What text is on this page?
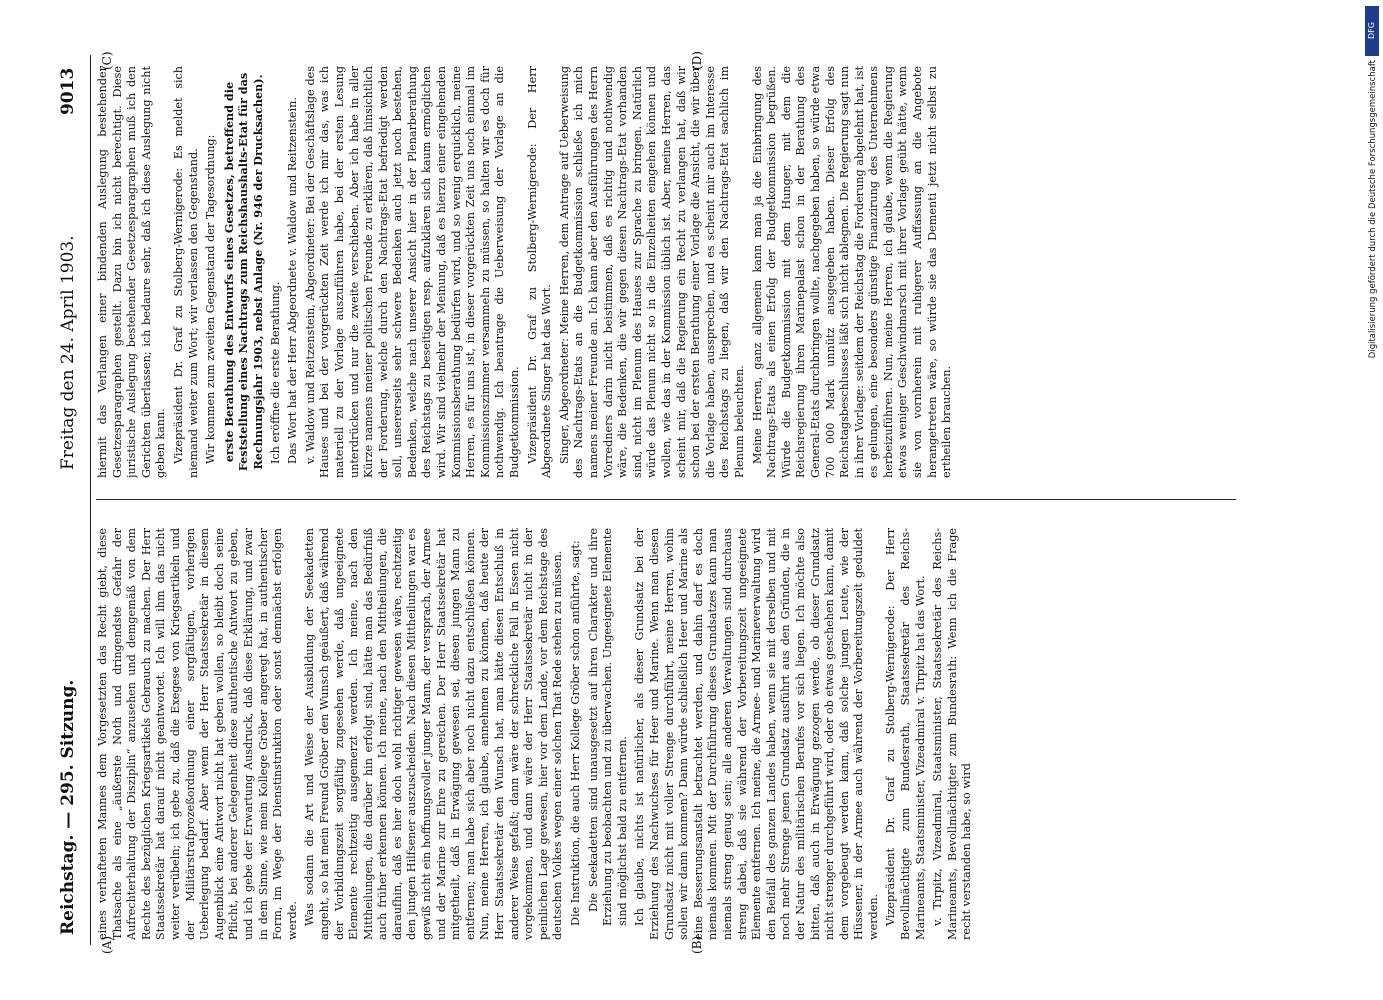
Reichstag. — 295. Sitzung.
Freitag den 24. April 1903.
9013
(A)	(B)
(C)	(D)

eines verhafteten Mannes dem Vorgesetzten das Recht giebt, diese Thatsache als eine „äußerste Noth und dringendste Gefahr der Aufrechterhaltung der Disziplin“ anzusehen und demgemäß von dem Rechte des bezüglichen Kriegsartikels Gebrauch zu machen. Der Herr Staatssekretär hat darauf nicht geantwortet. Ich will ihm das nicht weiter verübeln; ich gebe zu, daß die Exegese von Kriegsartikeln und der Militärstrafprozeßordnung einer sorgfältigen, vorherigen Ueberlegung bedarf. Aber wenn der Herr Staatssekretär in diesem Augenblick eine Antwort nicht hat geben wollen, so bleibt doch seine Pflicht, bei anderer Gelegenheit diese authentische Antwort zu geben, und ich gebe der Erwartung Ausdruck, daß diese Erklärung, und zwar in dem Sinne, wie mein Kollege Gröber angeregt hat, in authentischer Form, im Wege der Dienstinstruktion oder sonst demnächst erfolgen werde. Was sodann die Art und Weise der Ausbildung der Seekadetten angeht, so hat mein Freund Gröber den Wunsch geäußert, daß während der Vorbildungszeit sorgfältig zugesehen werde, daß ungeeignete Elemente rechtzeitig ausgemerzt werden. Ich meine, nach den Mittheilungen, die darüber hin erfolgt sind, hätte man das Bedürfniß auch früher erkennen können. Ich meine, nach den Mittheilungen, die daraufhin, daß es hier doch wohl richtiger gewesen wäre, rechtzeitig den jungen Hilfsener auszuscheiden. Nach diesen Mittheilungen war es gewiß nicht ein hoffnungsvoller junger Mann, der versprach, der Armee und der Marine zur Ehre zu gereichen. Der Herr Staatssekretär hat mitgetheilt, daß in Erwägung gewesen sei, diesen jungen Mann zu entfernen; man habe sich aber noch nicht dazu entschließen können. Nun, meine Herren, ich glaube, annehmen zu können, daß heute der Herr Staatssekretär den Wunsch hat, man hätte diesen Entschluß in anderer Weise gefaßt; dann wäre der schreckliche Fall in Essen nicht vorgekommen, und dann wäre der Herr Staatssekretär nicht in der peinlichen Lage gewesen, hier vor dem Lande, vor dem Reichstage des deutschen Volkes wegen einer solchen That Rede stehen zu müssen. Die Instruktion, die auch Herr Kollege Gröber schon anführte, sagt: Die Seekadetten sind unausgesetzt auf ihren Charakter und ihre Erziehung zu beobachten und zu überwachen. Ungeeignete Elemente sind möglichst bald zu entfernen. Ich glaube, nichts ist natürlicher, als dieser Grundsatz bei der Erziehung des Nachwuchses für Heer und Marine. Wenn man diesen Grundsatz nicht mit voller Strenge durchführt, meine Herren, wohin sollen wir dann kommen? Dann würde schließlich Heer und Marine als eine Besserungsanstalt betrachtet werden, und dahin darf es doch niemals kommen. Mit der Durchführung dieses Grundsatzes kann man niemals streng genug sein; alle anderen Verwaltungen sind durchaus streng dabei, daß sie während der Vorbereitungszeit ungeeignete Elemente entfernen. Ich meine, die Armee- und Marineverwaltung wird den Beifall des ganzen Landes haben, wenn sie mit derselben und mit noch mehr Strenge jenen Grundsatz ausführt aus den Gründen, die in der Natur des militärischen Berufes vor sich liegen. Ich möchte also bitten, daß auch in Erwägung gezogen werde, ob dieser Grundsatz nicht strenger durchgeführt wird, oder ob etwas geschehen kann, damit dem vorgebeugt werden kann, daß solche jungen Leute, wie der Hüssener, in der Armee auch während der Vorbereitungszeit geduldet werden. Vizepräsident Dr. Graf zu Stolberg-Wernigerode: Der Herr Bevollmächtigte zum Bundesrath, Staatssekretär des Reichs-Marineamts, Staatsminister, Vizeadmiral v. Tirpitz hat das Wort. v. Tirpitz, Vizeadmiral, Staatsminister, Staatssekretär des Reichs-Marineamts, Bevollmächtigter zum Bundesrath: Wenn ich die Frage recht verstanden habe, so wird

hiermit das Verlangen einer bindenden Auslegung bestehender Gesetzesparagraphen gestellt. Dazu bin ich nicht berechtigt. Diese juristische Auslegung bestehender Gesetzesparagraphen muß ich den Gerichten überlassen; ich bedaure sehr, daß ich diese Auslegung nicht geben kann. Vizepräsident Dr. Graf zu Stolberg-Wernigerode: Es meldet sich niemand weiter zum Wort; wir verlassen den Gegenstand. Wir kommen zum zweiten Gegenstand der Tagesordnung: erste Berathung des Entwurfs eines Gesetzes, betreffend die Feststellung eines Nachtrags zum Reichshaushalts-Etat für das Rechnungsjahr 1903, nebst Anlage (Nr. 946 der Drucksachen). Ich eröffne die erste Berathung. Das Wort hat der Herr Abgeordnete v. Waldow und Reitzenstein. v. Waldow und Reitzenstein, Abgeordneter: Bei der Geschäftslage des Hauses und bei der vorgerückten Zeit werde ich mir das, was ich materiell zu der Vorlage auszuführen habe, bei der ersten Lesung unterdrücken und nur die zweite verschieben. Aber ich habe in aller Kürze namens meiner politischen Freunde zu erklären, daß hinsichtlich der Forderung, welche durch den Nachtrags-Etat befriedigt werden soll, unsererseits sehr schwere Bedenken auch jetzt noch bestehen, Bedenken, welche nach unserer Ansicht hier in der Plenarberathung des Reichstags zu beseitigen resp. aufzuklären sich kaum ermöglichen wird. Wir sind vielmehr der Meinung, daß es hierzu einer eingehenden Kommissionsberathung bedürfen wird, und so wenig erquicklich, meine Herren, es für uns ist, in dieser vorgerückten Zeit uns noch einmal im Kommissionszimmer versammeln zu müssen, so halten wir es doch für nothwendig. Ich beantrage die Ueberweisung der Vorlage an die Budgetkommission. Vizepräsident Dr. Graf zu Stolberg-Wernigerode: Der Herr Abgeordnete Singer hat das Wort. Singer, Abgeordneter: Meine Herren, dem Antrage auf Ueberweisung des Nachtrags-Etats an die Budgetkommission schließe ich mich namens meiner Freunde an. Ich kann aber den Ausführungen des Herrn Vorredners darin nicht beistimmen, daß es richtig und nothwendig wäre, die Bedenken, die wir gegen diesen Nachtrags-Etat vorhanden sind, nicht im Plenum des Hauses zur Sprache zu bringen. Natürlich würde das Plenum nicht so in die Einzelheiten eingehen können und wollen, wie das in der Kommission üblich ist. Aber, meine Herren, das scheint mir, daß die Regierung ein Recht zu verlangen hat, daß wir schon bei der ersten Berathung einer Vorlage die Ansicht, die wir über die Vorlage haben, aussprechen, und es scheint mir auch im Interesse des Reichstags zu liegen, daß wir den Nachtrags-Etat sachlich im Plenum beleuchten. Meine Herren, ganz allgemein kann man ja die Einbringung des Nachtrags-Etats als einen Erfolg der Budgetkommission begrüßen. Würde die Budgetkommission mit dem Hunger, mit dem die Reichsregierung ihren Marinepalast schon in der Berathung des General-Etats durchbringen wollte, nachgegeben haben, so würde etwa 700 000 Mark unnütz ausgegeben haben. Dieser Erfolg des Reichstagsbeschlusses läßt sich nicht ablegnen. Die Regierung sagt nun in ihrer Vorlage: seitdem der Reichstag die Forderung abgelehnt hat, ist es gelungen, eine besonders günstige Finanzirung des Unternehmens herbeizuführen. Nun, meine Herren, ich glaube, wenn die Regierung etwas weniger Geschwindmarsch mit ihrer Vorlage geübt hätte, wenn sie von vornherein mit ruhigerer Auffassung an die Angebote herangetreten wäre, so würde sie das Dementi jetzt nicht selbst zu ertheilen brauchen.

DFG
Digitalisierung gefördert durch die Deutsche Forschungsgemeinschaft
